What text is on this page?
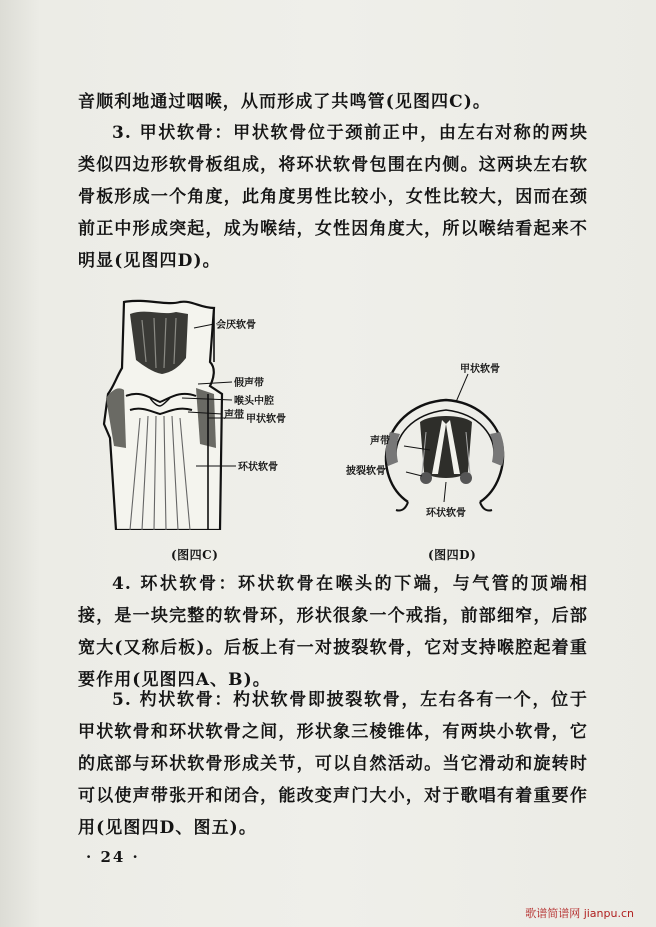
音顺利地通过咽喉，从而形成了共鸣管(见图四C)。

3. 甲状软骨：甲状软骨位于颈前正中，由左右对称的两块类似四边形软骨板组成，将环状软骨包围在内侧。这两块左右软骨板形成一个角度，此角度男性比较小，女性比较大，因而在颈前正中形成突起，成为喉结，女性因角度大，所以喉结看起来不明显(见图四D)。

会厌软骨
假声带
喉头中腔
声带 甲状软骨
环状软骨
甲状软骨
声带
披裂软骨
环状软骨
(图四C)	(图四D)

4. 环状软骨：环状软骨在喉头的下端，与气管的顶端相接，是一块完整的软骨环，形状很象一个戒指，前部细窄，后部宽大(又称后板)。后板上有一对披裂软骨，它对支持喉腔起着重要作用(见图四A、B)。

5. 杓状软骨：杓状软骨即披裂软骨，左右各有一个，位于甲状软骨和环状软骨之间，形状象三棱锥体，有两块小软骨，它的底部与环状软骨形成关节，可以自然活动。当它滑动和旋转时可以使声带张开和闭合，能改变声门大小，对于歌唱有着重要作用(见图四D、图五)。

· 24 ·
歌谱简谱网 jianpu.cn
